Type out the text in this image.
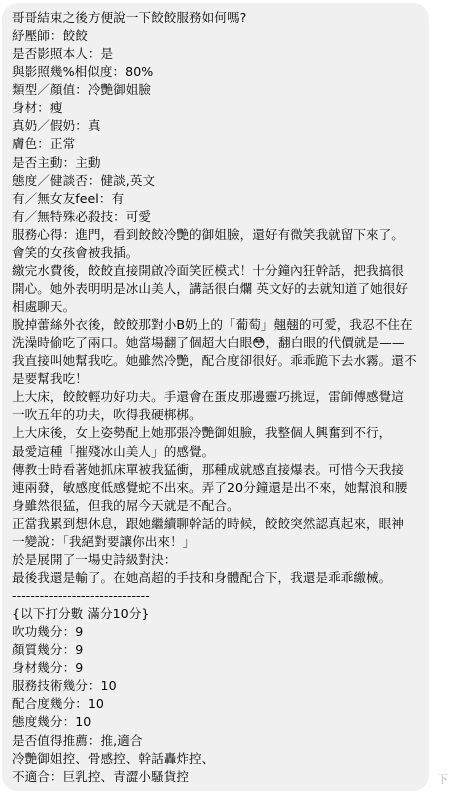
哥哥結束之後方便說一下餃餃服務如何嗎?
紓壓師：餃餃
是否影照本人：是
與影照幾%相似度：80%
類型／顏值：冷艷御姐臉
身材：瘦
真奶／假奶：真
膚色：正常
是否主動：主動
態度／健談否：健談,英文
有／無女友feel：有
有／無特殊必殺技：可愛
服務心得：進門，看到餃餃冷艷的御姐臉，還好有微笑我就留下來了。
會笑的女孩會被我插。
繳完水費後，餃餃直接開啟冷面笑匠模式！十分鐘內狂幹話，把我搞很
開心。她外表明明是冰山美人，講話很白爛 英文好的去就知道了她很好
相處聊天。
脫掉蕾絲外衣後，餃餃那對小B奶上的「葡萄」翹翹的可愛，我忍不住在
洗澡時偷吃了兩口。她當場翻了個超大白眼😳，翻白眼的代價就是——
我直接叫她幫我吃。她雖然冷艷，配合度卻很好。乖乖跪下去水霧。還不
是要幫我吃！
上大床，餃餃輕功好功夫。手還會在蛋皮那邊靈巧挑逗，雷師傅感覺這
一吹五年的功夫，吹得我硬梆梆。
上大床後，女上姿勢配上她那張冷艷御姐臉，我整個人興奮到不行，
最愛這種「摧殘冰山美人」的感覺。
傳教士時看著她抓床單被我猛衝，那種成就感直接爆表。可惜今天我接
連兩發，敏感度低感覺蛇不出來。弄了20分鐘還是出不來，她幫浪和腰
身雖然很猛，但我的屌今天就是不配合。
正當我累到想休息，跟她繼續聊幹話的時候，餃餃突然認真起來，眼神
一變說：「我絕對要讓你出來！」
於是展開了一場史詩級對決：
最後我還是輸了。在她高超的手技和身體配合下，我還是乖乖繳械。
------------------------------
{以下打分數 滿分10分}
吹功幾分：9
顏質幾分：9
身材幾分：9
服務技術幾分：10
配合度幾分：10
態度幾分：10
是否值得推薦：推,適合
冷艷御姐控、骨感控、幹話轟炸控、
不適合：巨乳控、青澀小騷貨控	下
